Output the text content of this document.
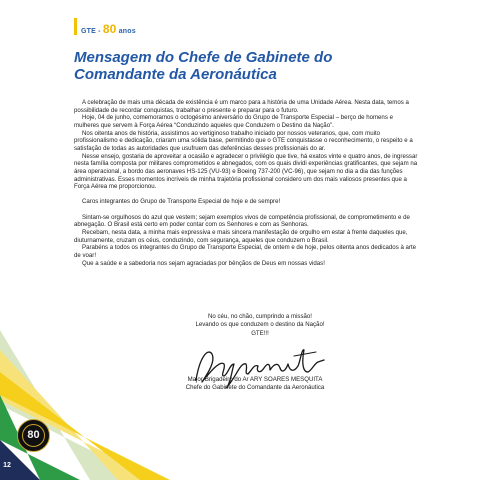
GTE - 80 anos
Mensagem do Chefe de Gabinete do
Comandante da Aeronáutica

A celebração de mais uma década de existência é um marco para a história de uma Unidade Aérea. Nesta data, temos a possibilidade de recordar conquistas, trabalhar o presente e preparar para o futuro.

Hoje, 04 de junho, comemoramos o octogésimo aniversário do Grupo de Transporte Especial – berço de homens e mulheres que servem à Força Aérea “Conduzindo aqueles que Conduzem o Destino da Nação”.

Nos oitenta anos de história, assistimos ao vertiginoso trabalho iniciado por nossos veteranos, que, com muito profissionalismo e dedicação, criaram uma sólida base, permitindo que o GTE conquistasse o reconhecimento, o respeito e a satisfação de todas as autoridades que usufruem das deferências desses profissionais do ar.

Nesse ensejo, gostaria de aproveitar a ocasião e agradecer o privilégio que tive, há exatos vinte e quatro anos, de ingressar nesta família composta por militares comprometidos e abnegados, com os quais dividi experiências gratificantes, que sejam na área operacional, a bordo das aeronaves HS-125 (VU-93) e Boeing 737-200 (VC-96), que sejam no dia a dia das funções administrativas. Esses momentos incríveis de minha trajetória profissional considero um dos mais valiosos presentes que a Força Aérea me proporcionou.

Caros integrantes do Grupo de Transporte Especial de hoje e de sempre!

Sintam-se orgulhosos do azul que vestem; sejam exemplos vivos de competência profissional, de comprometimento e de abnegação. O Brasil está certo em poder contar com os Senhores e com as Senhoras.

Recebam, nesta data, a minha mais expressiva e mais sincera manifestação de orgulho em estar à frente daqueles que, diuturnamente, cruzam os céus, conduzindo, com segurança, aqueles que conduzem o Brasil.

Parabéns a todos os integrantes do Grupo de Transporte Especial, de ontem e de hoje, pelos oitenta anos dedicados à arte de voar!

Que a saúde e a sabedoria nos sejam agraciadas por bênçãos de Deus em nossas vidas!

No céu, no chão, cumprindo a missão!

Levando os que conduzem o destino da Nação!

GTE!!!

Major-Brigadeiro do Ar ARY SOARES MESQUITA

Chefe do Gabinete do Comandante da Aeronáutica

80
12
